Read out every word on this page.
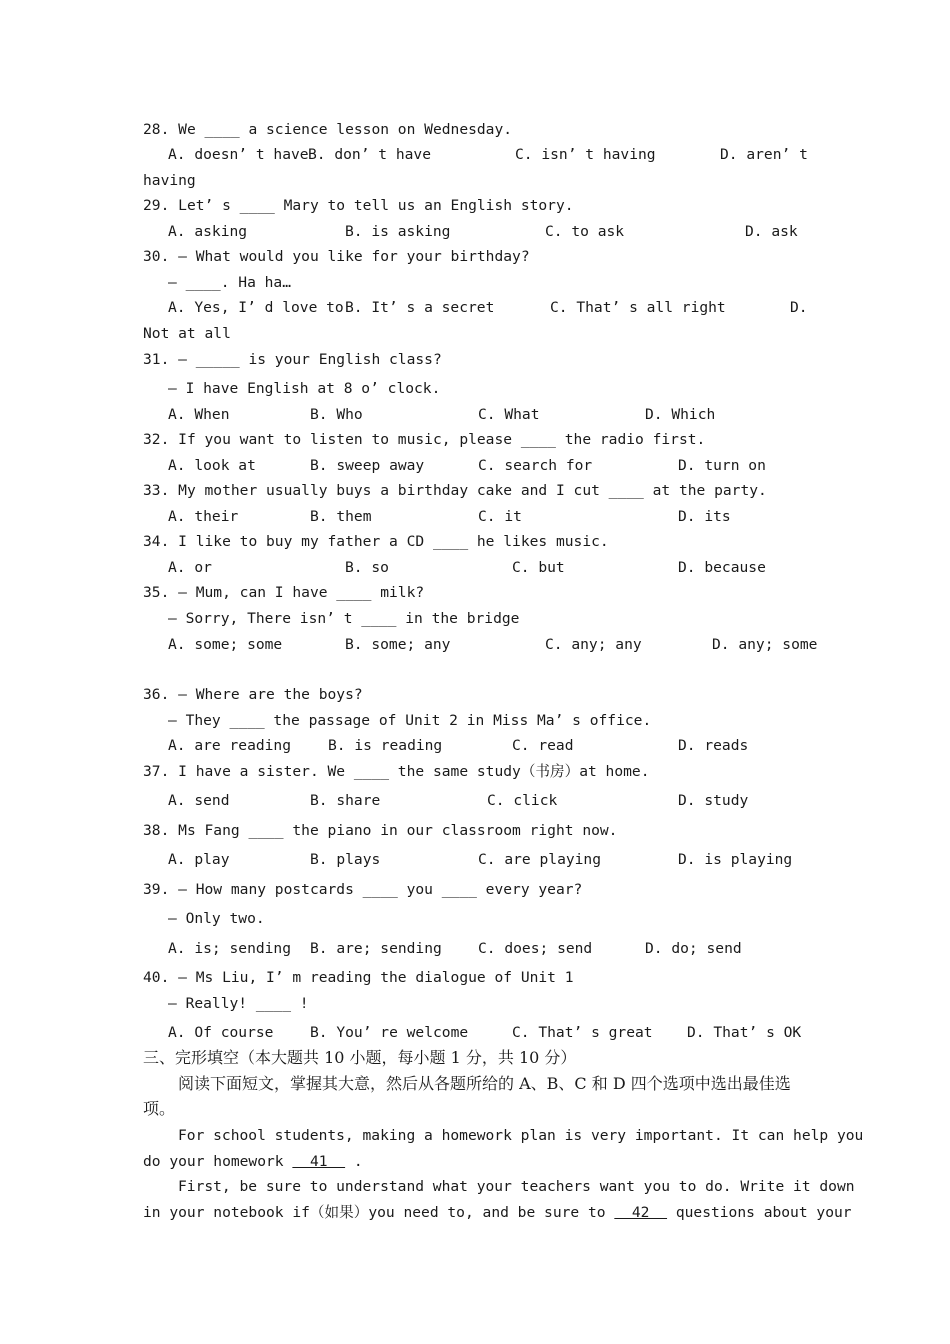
28. We ____ a science lesson on Wednesday.
A. doesn’ t have B. don’ t have	C. isn’ t having	D. aren’ t
having
29. Let’ s ____ Mary to tell us an English story.
A. asking	B. is asking	C. to ask	D. ask
30. — What would you like for your birthday?
— ____. Ha ha…
A. Yes, I’ d love to B. It’ s a secret	C. That’ s all right	D.
Not at all
31. — _____ is your English class?
— I have English at 8 o’ clock.
A. When	B. Who	C. What	D. Which
32. If you want to listen to music, please ____ the radio first.
A. look at	B. sweep away	C. search for	D. turn on
33. My mother usually buys a birthday cake and I cut ____ at the party.
A. their	B. them	C. it	D. its
34. I like to buy my father a CD ____ he likes music.
A. or	B. so	C. but	D. because
35. — Mum, can I have ____ milk?
— Sorry, There isn’ t ____ in the bridge
A. some; some	B. some; any	C. any; any	D. any; some
36. — Where are the boys?
— They ____ the passage of Unit 2 in Miss Ma’ s office.
A. are reading	B. is reading	C. read	D. reads
37. I have a sister. We ____ the same study（书房）at home.
A. send	B. share	C. click	D. study
38. Ms Fang ____ the piano in our classroom right now.
A. play	B. plays	C. are playing	D. is playing
39. — How many postcards ____ you ____ every year?
— Only two.
A. is; sending B. are; sending C. does; send	D. do; send
40. — Ms Liu, I’ m reading the dialogue of Unit 1
— Really! ____ !
A. Of course	B. You’ re welcome	C. That’ s great D. That’ s OK
三、完形填空（本大题共 10 小题，每小题 1 分，共 10 分）
阅读下面短文，掌握其大意，然后从各题所给的 A、B、C 和 D 四个选项中选出最佳选
项。
For school students, making a homework plan is very important. It can help you
do your homework   41   .
First, be sure to understand what your teachers want you to do. Write it down
in your notebook if（如果）you need to, and be sure to   42   questions about your
